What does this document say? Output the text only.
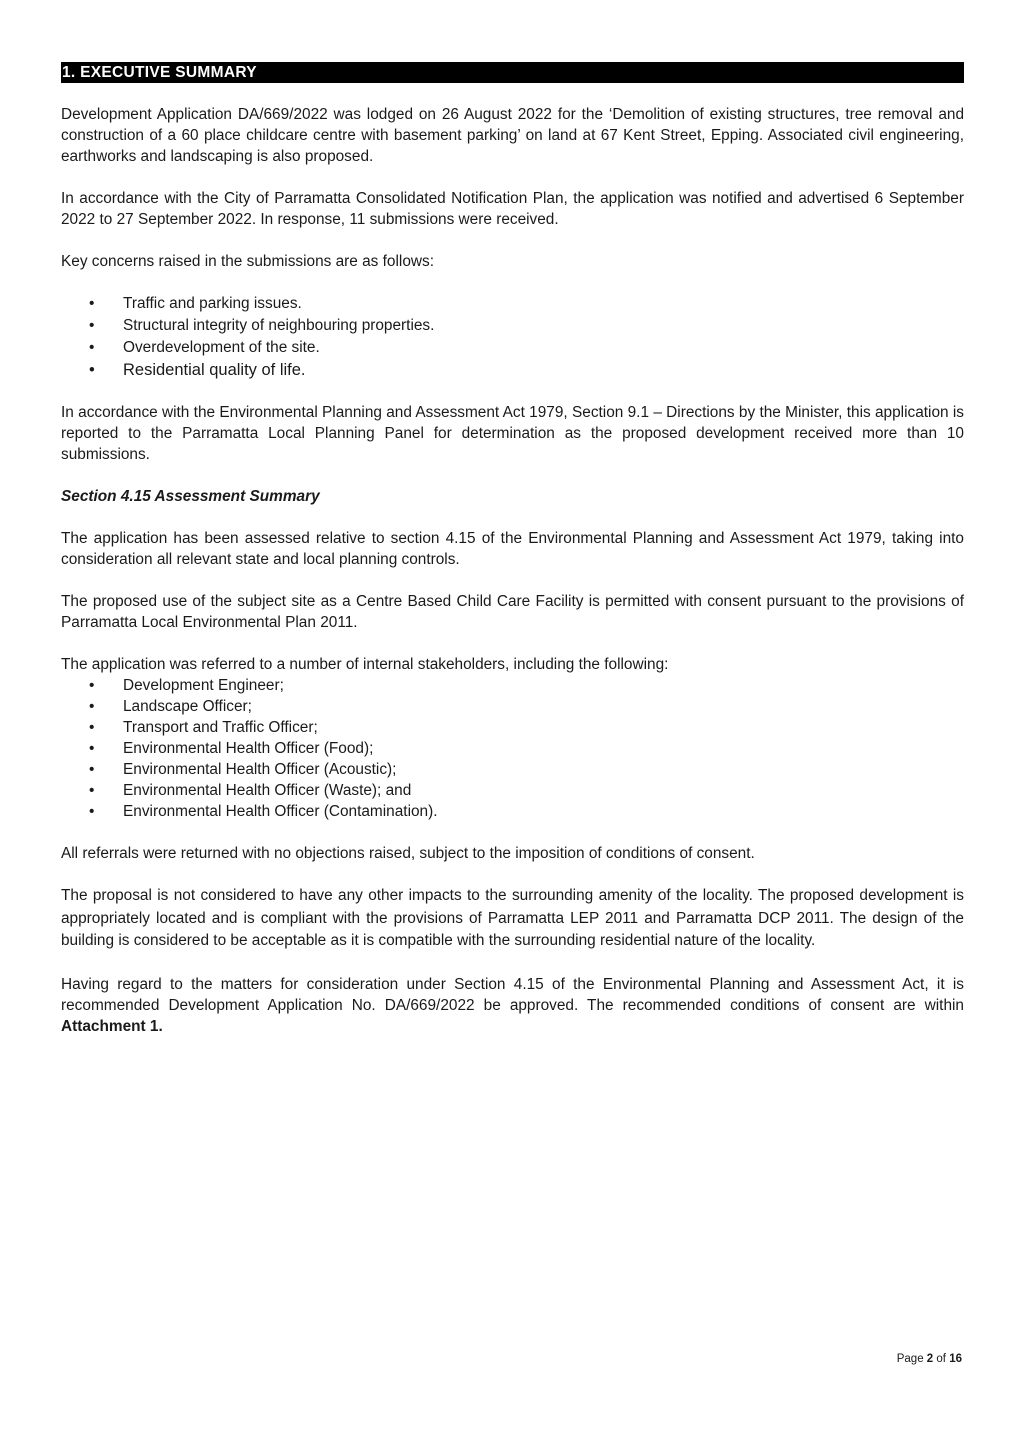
1. EXECUTIVE SUMMARY

Development Application DA/669/2022 was lodged on 26 August 2022 for the ‘Demolition of existing structures, tree removal and construction of a 60 place childcare centre with basement parking’ on land at 67 Kent Street, Epping. Associated civil engineering, earthworks and landscaping is also proposed.

In accordance with the City of Parramatta Consolidated Notification Plan, the application was notified and advertised 6 September 2022 to 27 September 2022. In response, 11 submissions were received.

Key concerns raised in the submissions are as follows:

• Traffic and parking issues.
• Structural integrity of neighbouring properties.
• Overdevelopment of the site.
• Residential quality of life.

In accordance with the Environmental Planning and Assessment Act 1979, Section 9.1 – Directions by the Minister, this application is reported to the Parramatta Local Planning Panel for determination as the proposed development received more than 10 submissions.

Section 4.15 Assessment Summary

The application has been assessed relative to section 4.15 of the Environmental Planning and Assessment Act 1979, taking into consideration all relevant state and local planning controls.

The proposed use of the subject site as a Centre Based Child Care Facility is permitted with consent pursuant to the provisions of Parramatta Local Environmental Plan 2011.

The application was referred to a number of internal stakeholders, including the following:

• Development Engineer;
• Landscape Officer;
• Transport and Traffic Officer;
• Environmental Health Officer (Food);
• Environmental Health Officer (Acoustic);
• Environmental Health Officer (Waste); and
• Environmental Health Officer (Contamination).

All referrals were returned with no objections raised, subject to the imposition of conditions of consent.

The proposal is not considered to have any other impacts to the surrounding amenity of the locality. The proposed development is appropriately located and is compliant with the provisions of Parramatta LEP 2011 and Parramatta DCP 2011. The design of the building is considered to be acceptable as it is compatible with the surrounding residential nature of the locality.

Having regard to the matters for consideration under Section 4.15 of the Environmental Planning and Assessment Act, it is recommended Development Application No. DA/669/2022 be approved. The recommended conditions of consent are within Attachment 1.

Page 2 of 16
